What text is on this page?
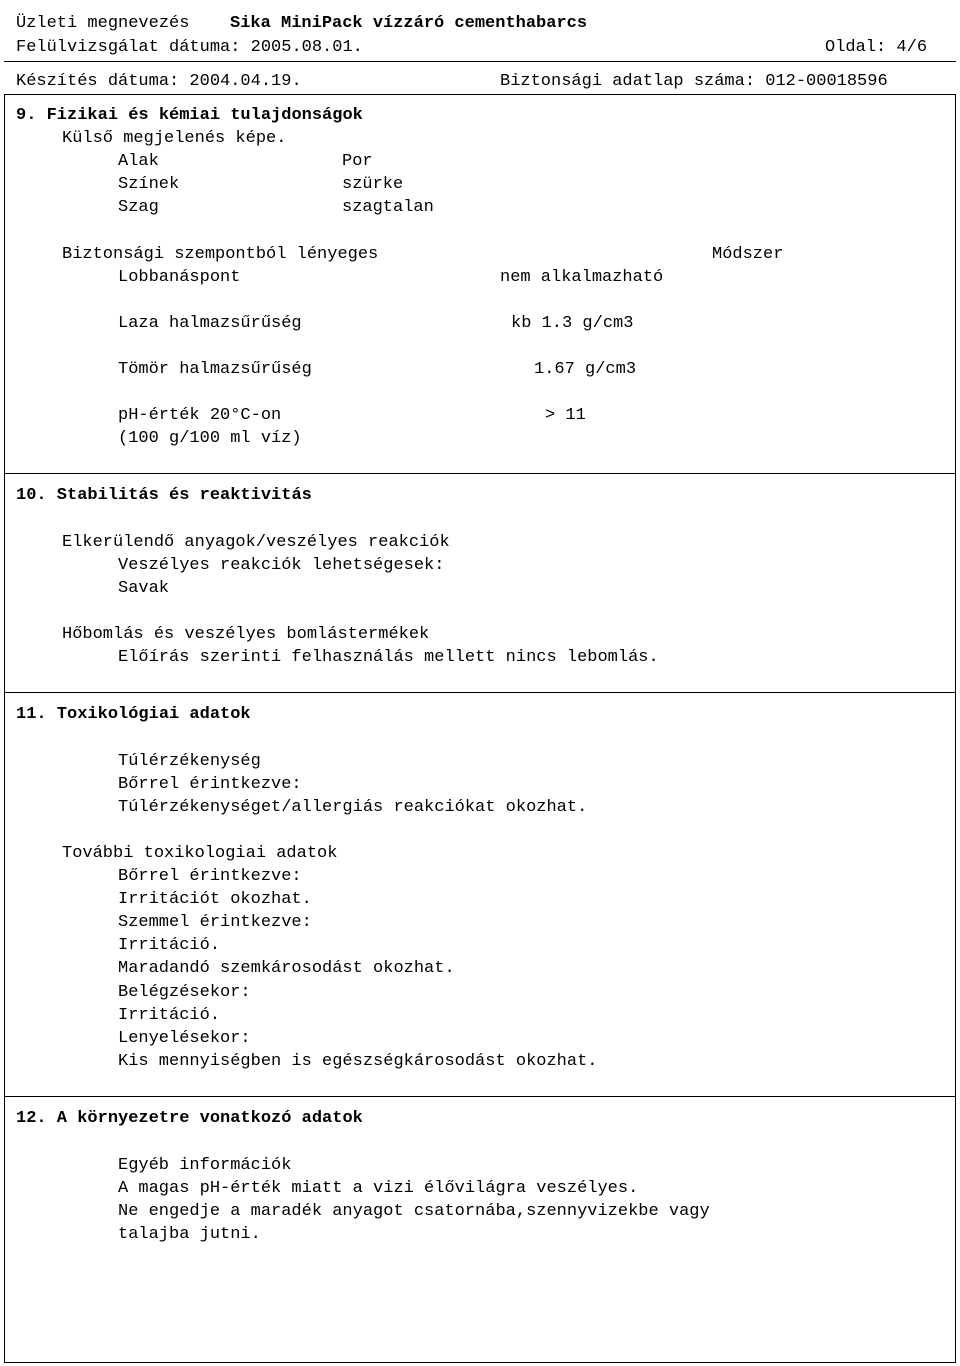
Üzleti megnevezés Sika MiniPack vízzáró cementhabarcs
Felülvizsgálat dátuma: 2005.08.01.	Oldal: 4/6
Készítés dátuma: 2004.04.19.	Biztonsági adatlap száma: 012-00018596
9. Fizikai és kémiai tulajdonságok
Külső megjelenés képe.
Alak	Por
Színek	szürke
Szag	szagtalan
Biztonsági szempontból lényeges	Módszer
Lobbanáspont	nem alkalmazható
Laza halmazsűrűség	kb 1.3 g/cm3
Tömör halmazsűrűség	1.67 g/cm3
pH-érték 20°C-on	> 11
(100 g/100 ml víz)
10. Stabilitás és reaktivitás
Elkerülendő anyagok/veszélyes reakciók
Veszélyes reakciók lehetségesek:
Savak
Hőbomlás és veszélyes bomlástermékek
Előírás szerinti felhasználás mellett nincs lebomlás.
11. Toxikológiai adatok
Túlérzékenység
Bőrrel érintkezve:
Túlérzékenységet/allergiás reakciókat okozhat.
További toxikologiai adatok
Bőrrel érintkezve:
Irritációt okozhat.
Szemmel érintkezve:
Irritáció.
Maradandó szemkárosodást okozhat.
Belégzésekor:
Irritáció.
Lenyelésekor:
Kis mennyiségben is egészségkárosodást okozhat.
12. A környezetre vonatkozó adatok
Egyéb információk
A magas pH-érték miatt a vizi élővilágra veszélyes.
Ne engedje a maradék anyagot csatornába,szennyvizekbe vagy
talajba jutni.
